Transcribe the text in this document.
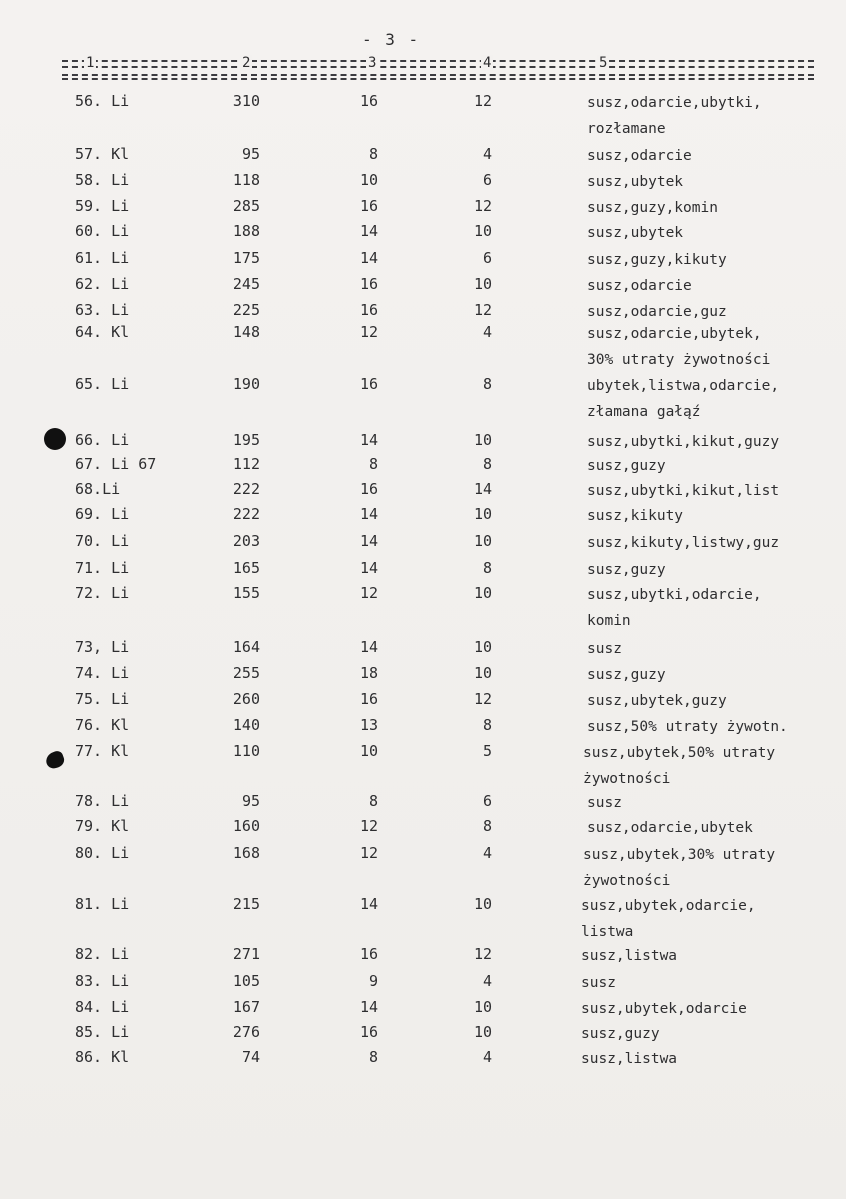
- 3 -
1	2	3	4	5
56. Li	310	16	12	susz,odarcie,ubytki,
rozłamane
57. Kl	95	8	4	susz,odarcie
58. Li	118	10	6	susz,ubytek
59. Li	285	16	12	susz,guzy,komin
60. Li	188	14	10	susz,ubytek
61. Li	175	14	6	susz,guzy,kikuty
62. Li	245	16	10	susz,odarcie
63. Li	225	16	12	susz,odarcie,guz
64. Kl	148	12	4	susz,odarcie,ubytek,
30% utraty żywotności
65. Li	190	16	8	ubytek,listwa,odarcie,
złamana gałąź
66. Li	195	14	10	susz,ubytki,kikut,guzy
67. Li 67	112	8	8	susz,guzy
68.Li	222	16	14	susz,ubytki,kikut,list
69. Li	222	14	10	susz,kikuty
70. Li	203	14	10	susz,kikuty,listwy,guz
71. Li	165	14	8	susz,guzy
72. Li	155	12	10	susz,ubytki,odarcie,
komin
73, Li	164	14	10	susz
74. Li	255	18	10	susz,guzy
75. Li	260	16	12	susz,ubytek,guzy
76. Kl	140	13	8	susz,50% utraty żywotn.
77. Kl	110	10	5	susz,ubytek,50% utraty
żywotności
78. Li	95	8	6	susz
79. Kl	160	12	8	susz,odarcie,ubytek
80. Li	168	12	4	susz,ubytek,30% utraty
żywotności
81. Li	215	14	10	susz,ubytek,odarcie,
listwa
82. Li	271	16	12	susz,listwa
83. Li	105	9	4	susz
84. Li	167	14	10	susz,ubytek,odarcie
85. Li	276	16	10	susz,guzy
86. Kl	74	8	4	susz,listwa
